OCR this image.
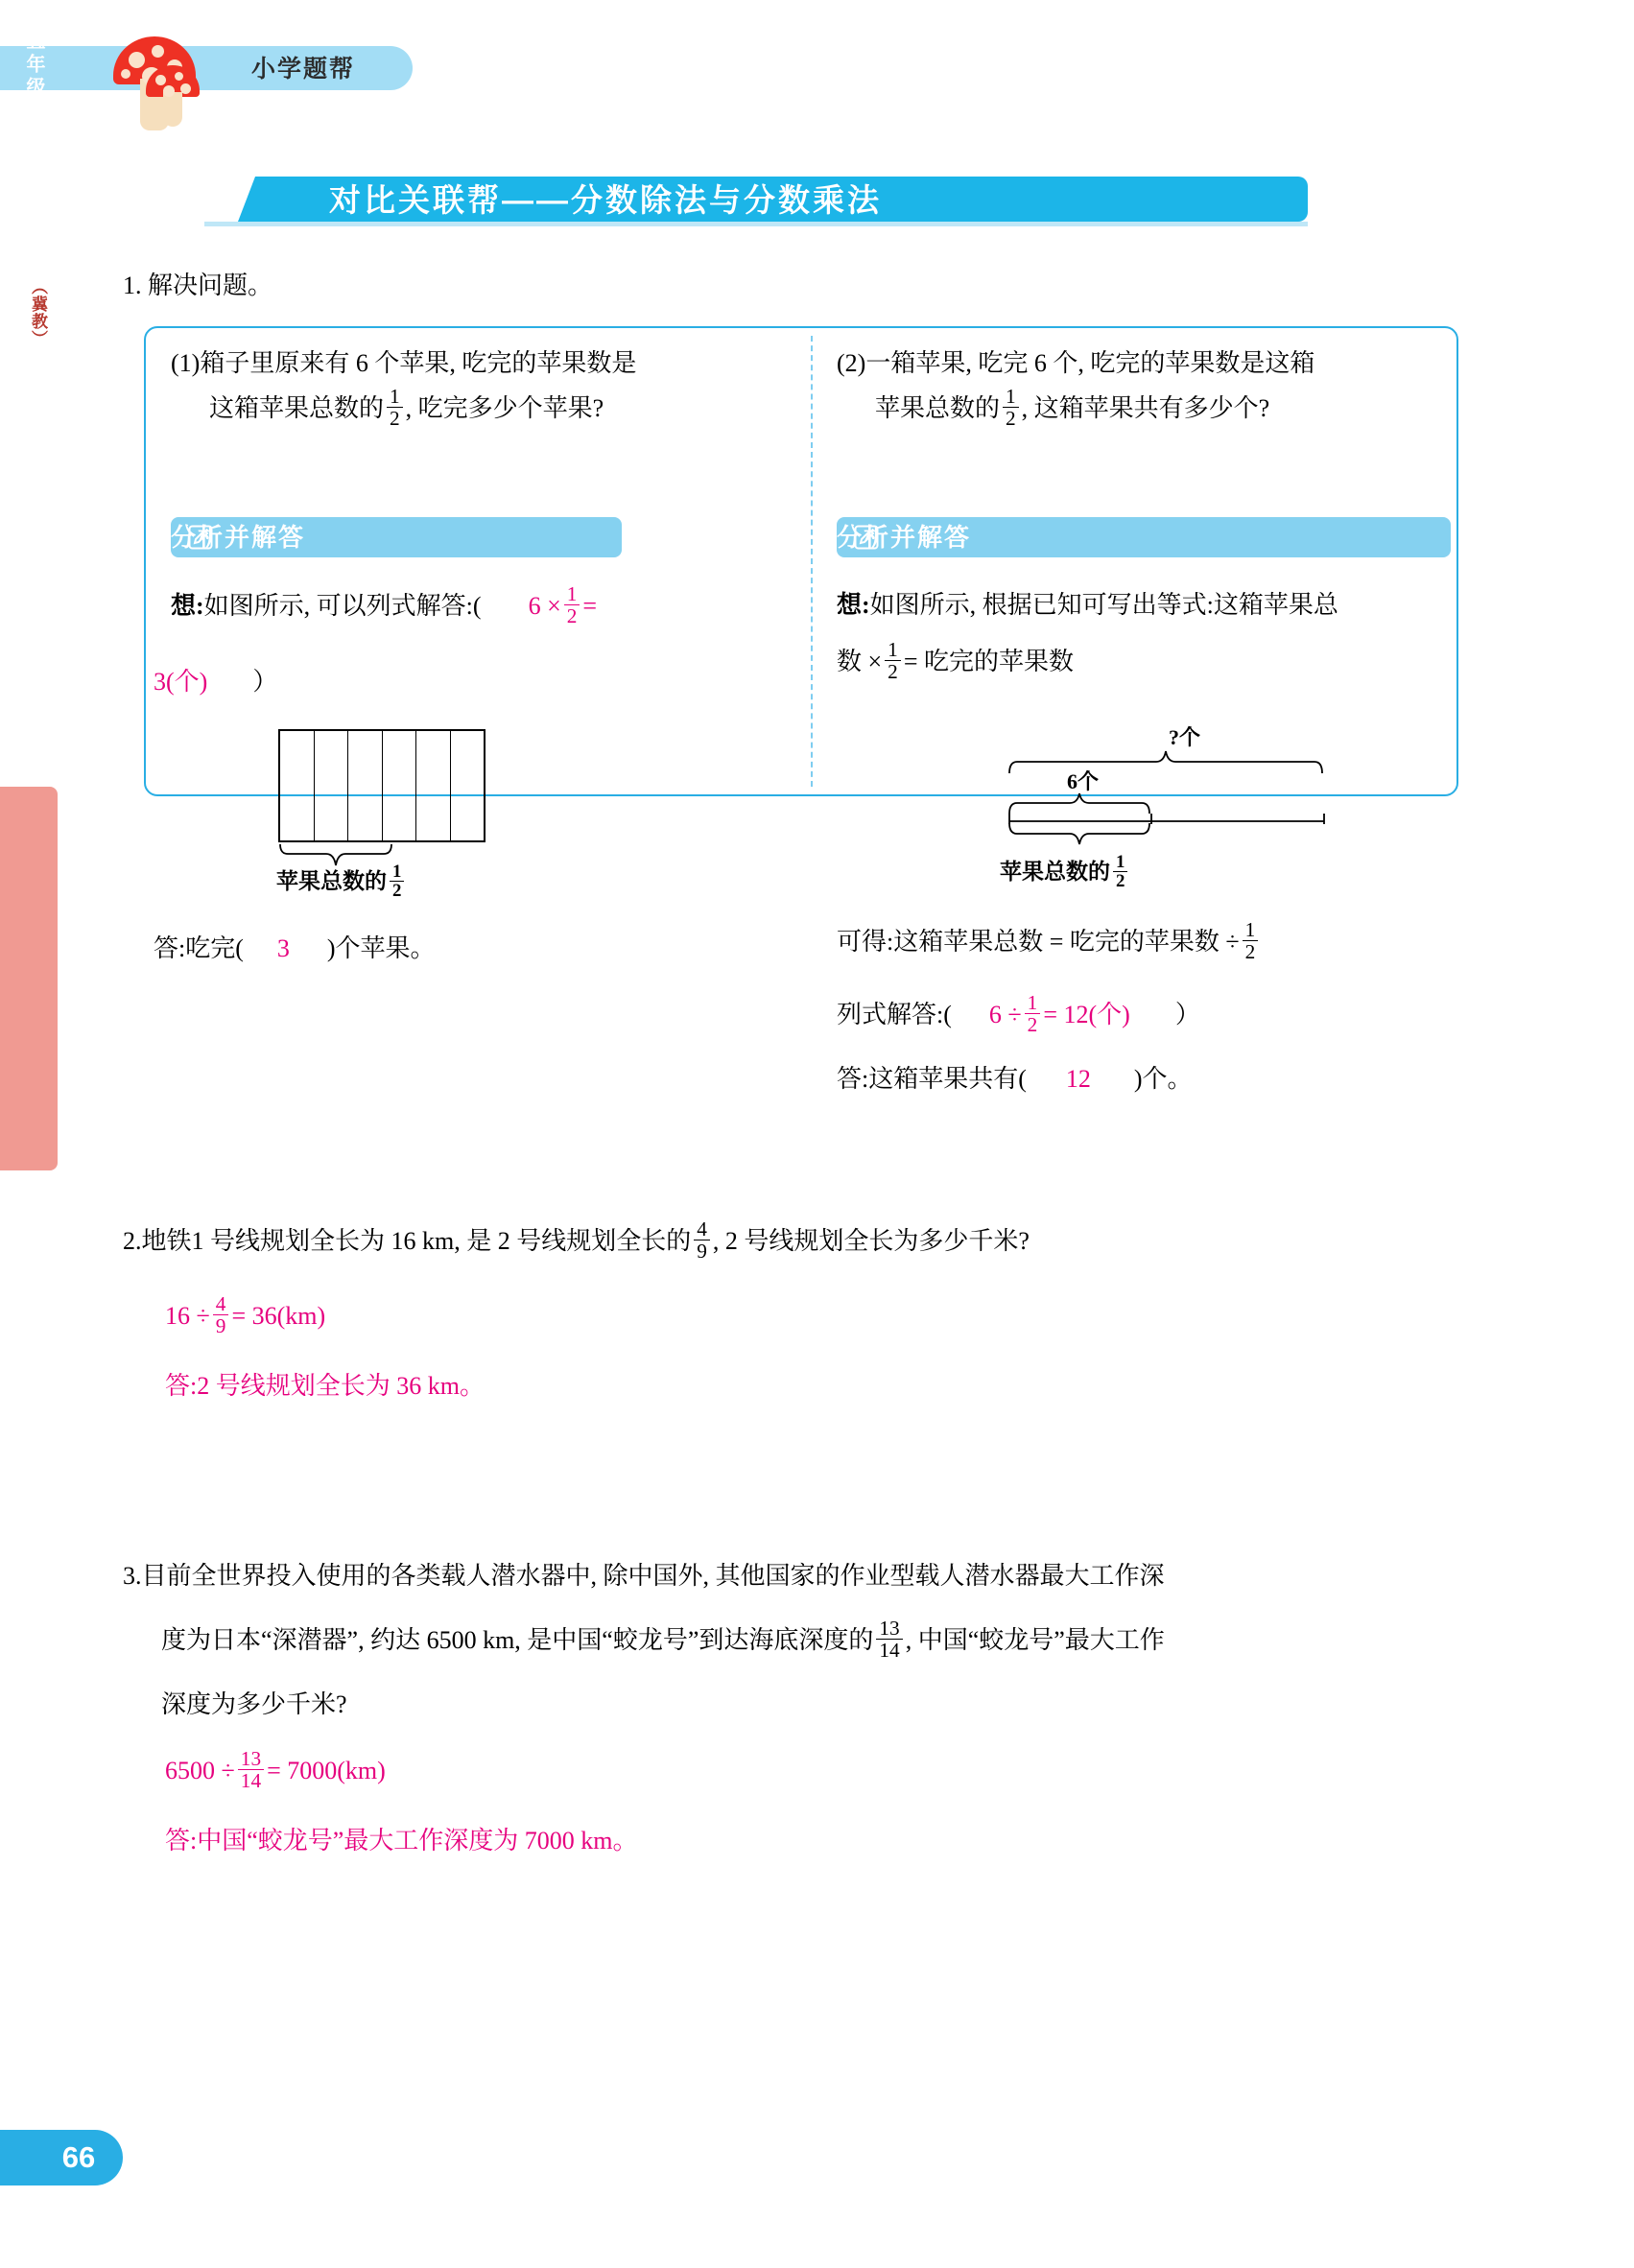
小学题帮
对比关联帮——分数除法与分数乘法
五年级数学·下
（冀教）	1. 解决问题。
(1)箱子里原来有 6 个苹果, 吃完的苹果数是
这箱苹果总数的 $\frac{1}{2}$ , 吃完多少个苹果?
分析并解答
想:如图所示, 可以列式解答:( $6 \times \frac{1}{2}$ =
3(个) ）
苹果总数的 $\frac{1}{2}$
答:吃完( 3 )个苹果。
(2)一箱苹果, 吃完 6 个, 吃完的苹果数是这箱
苹果总数的 $\frac{1}{2}$ , 这箱苹果共有多少个?
分析并解答
想:如图所示, 根据已知可写出等式:这箱苹果总
数 × $\frac{1}{2}$ = 吃完的苹果数
?个
6个
苹果总数的 $\frac{1}{2}$
可得:这箱苹果总数 = 吃完的苹果数 ÷ $\frac{1}{2}$
列式解答:( $6 \div \frac{1}{2} = 12$(个) ）
答:这箱苹果共有( 12 )个。
2.地铁1 号线规划全长为 16 km, 是 2 号线规划全长的 $\frac{4}{9}$ , 2 号线规划全长为多少千米?
$16 \div \frac{4}{9} = 36(km)$
答:2 号线规划全长为 36 km。
3.目前全世界投入使用的各类载人潜水器中, 除中国外, 其他国家的作业型载人潜水器最大工作深
度为日本“深潜器”, 约达 6500 km, 是中国“蛟龙号”到达海底深度的 $\frac{13}{14}$ , 中国“蛟龙号”最大工作
深度为多少千米?
$6500 \div \frac{13}{14} = 7000(km)$
答:中国“蛟龙号”最大工作深度为 7000 km。
66
